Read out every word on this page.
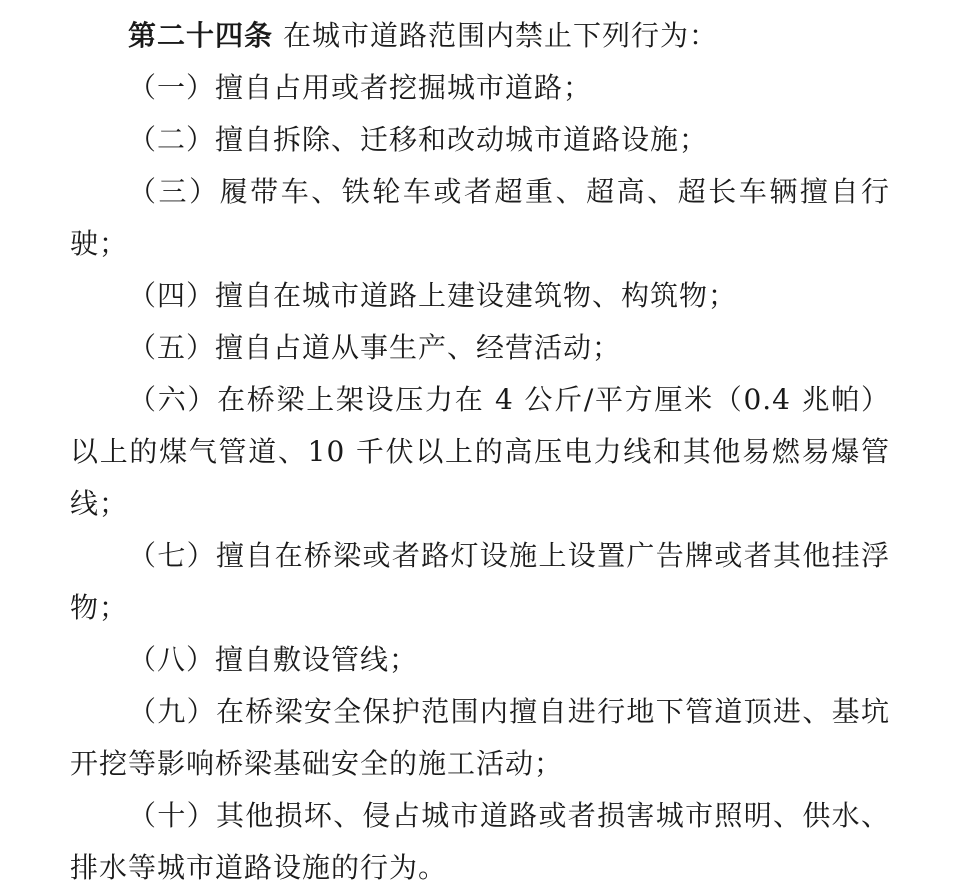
第二十四条 在城市道路范围内禁止下列行为：

（一）擅自占用或者挖掘城市道路；

（二）擅自拆除、迁移和改动城市道路设施；

（三）履带车、铁轮车或者超重、超高、超长车辆擅自行驶；

（四）擅自在城市道路上建设建筑物、构筑物；

（五）擅自占道从事生产、经营活动；

（六）在桥梁上架设压力在 4 公斤/平方厘米（0.4 兆帕）以上的煤气管道、10 千伏以上的高压电力线和其他易燃易爆管线；

（七）擅自在桥梁或者路灯设施上设置广告牌或者其他挂浮物；

（八）擅自敷设管线；

（九）在桥梁安全保护范围内擅自进行地下管道顶进、基坑开挖等影响桥梁基础安全的施工活动；

（十）其他损坏、侵占城市道路或者损害城市照明、供水、排水等城市道路设施的行为。
